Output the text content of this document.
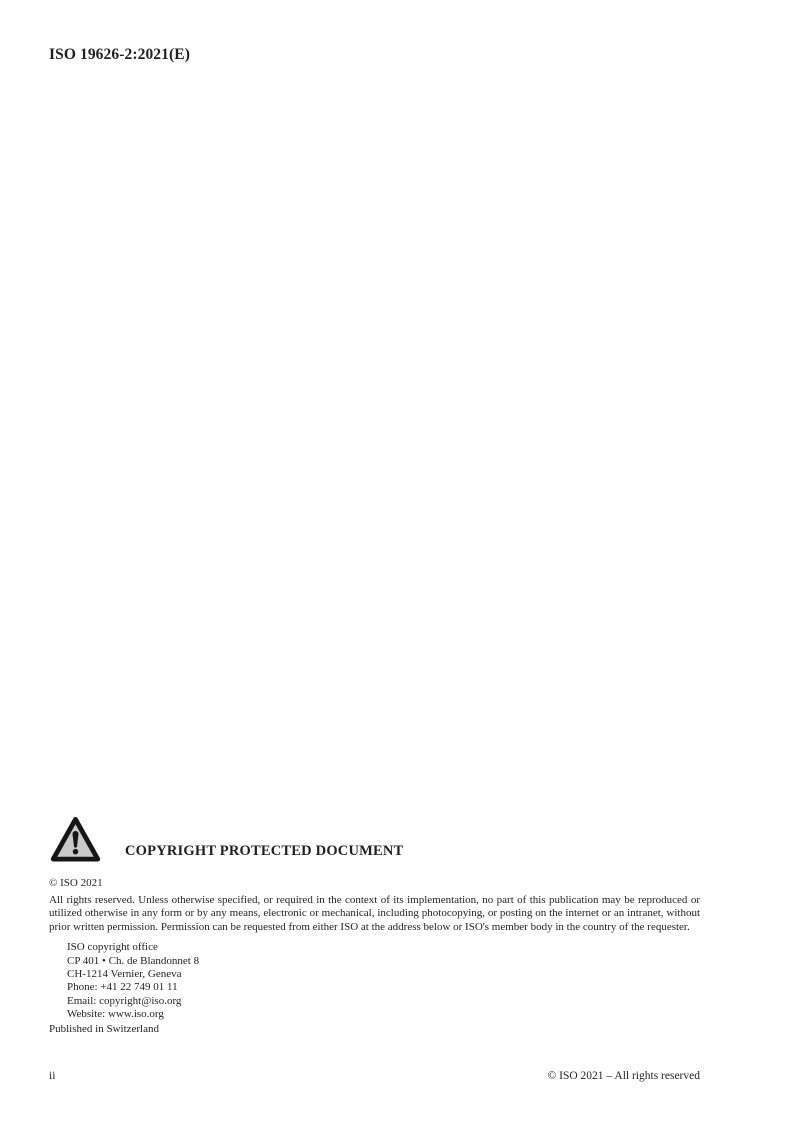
ISO 19626-2:2021(E)
COPYRIGHT PROTECTED DOCUMENT
© ISO 2021
All rights reserved. Unless otherwise specified, or required in the context of its implementation, no part of this publication may be reproduced or utilized otherwise in any form or by any means, electronic or mechanical, including photocopying, or posting on the internet or an intranet, without prior written permission. Permission can be requested from either ISO at the address below or ISO's member body in the country of the requester.
ISO copyright office
CP 401 • Ch. de Blandonnet 8
CH-1214 Vernier, Geneva
Phone: +41 22 749 01 11
Email: copyright@iso.org
Website: www.iso.org
Published in Switzerland
ii	© ISO 2021 – All rights reserved
